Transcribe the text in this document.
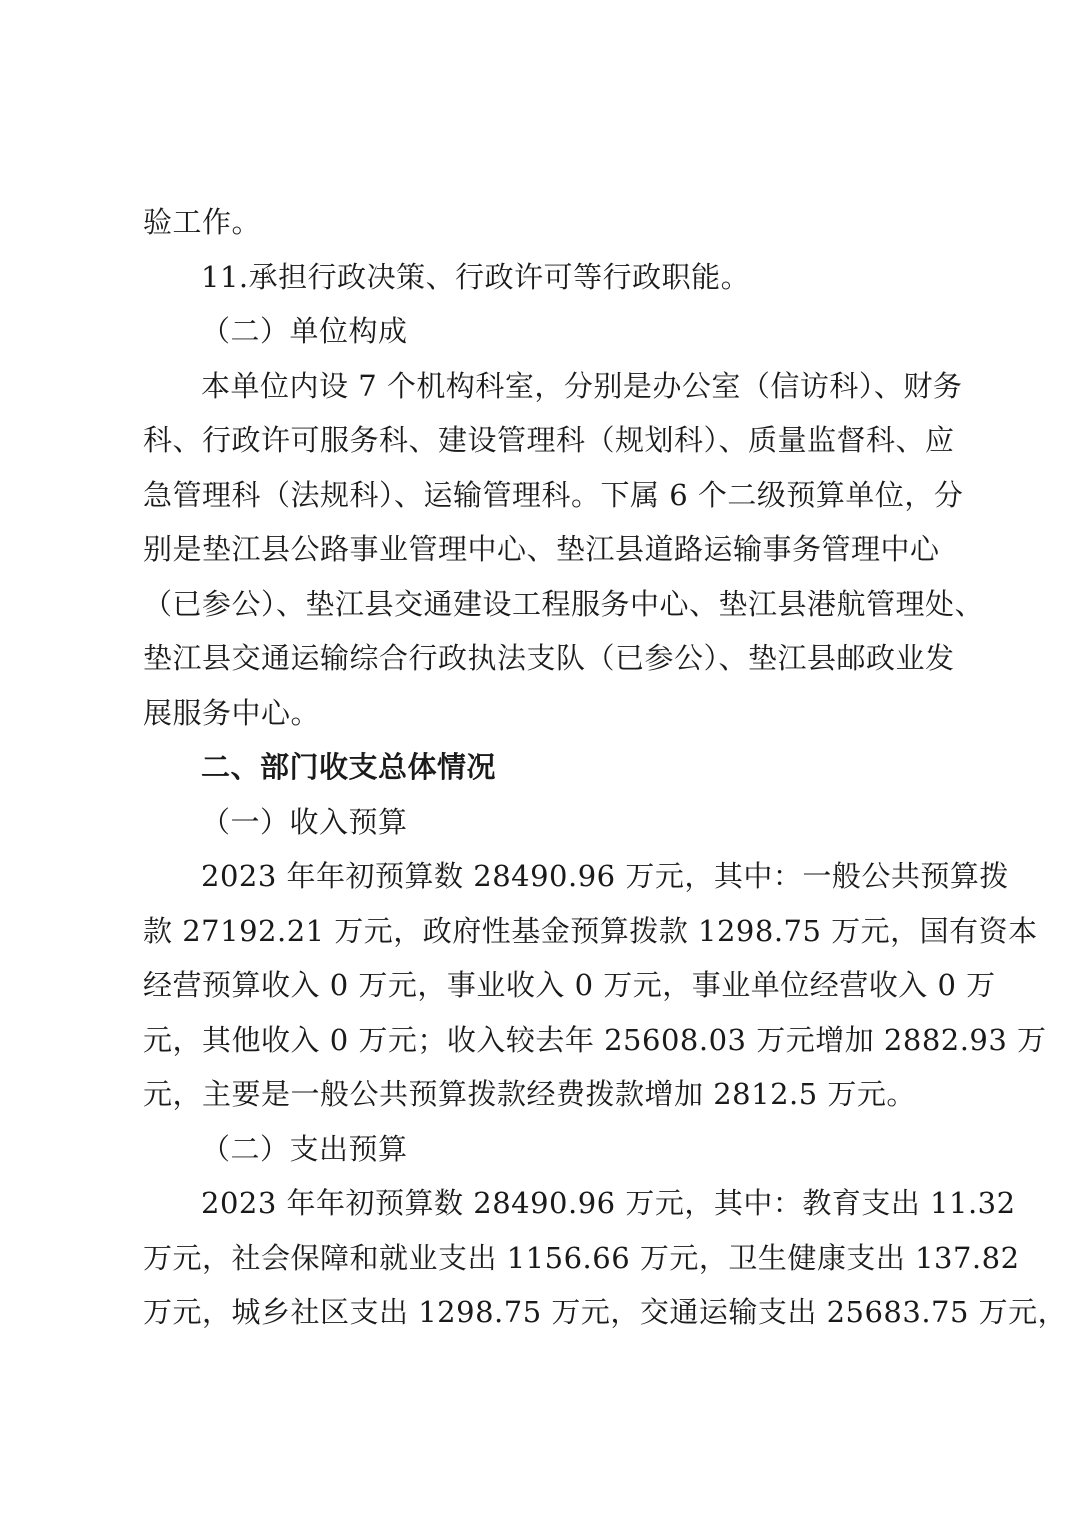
验工作。
11.承担行政决策、行政许可等行政职能。
（二）单位构成
本单位内设 7 个机构科室，分别是办公室（信访科）、财务
科、行政许可服务科、建设管理科（规划科）、质量监督科、应
急管理科（法规科）、运输管理科。下属 6 个二级预算单位，分
别是垫江县公路事业管理中心、垫江县道路运输事务管理中心
（已参公）、垫江县交通建设工程服务中心、垫江县港航管理处、
垫江县交通运输综合行政执法支队（已参公）、垫江县邮政业发
展服务中心。
二、部门收支总体情况
（一）收入预算
2023 年年初预算数 28490.96 万元，其中：一般公共预算拨
款 27192.21 万元，政府性基金预算拨款 1298.75 万元，国有资本
经营预算收入 0 万元，事业收入 0 万元，事业单位经营收入 0 万
元，其他收入 0 万元；收入较去年 25608.03 万元增加 2882.93 万
元，主要是一般公共预算拨款经费拨款增加 2812.5 万元。
（二）支出预算
2023 年年初预算数 28490.96 万元，其中：教育支出 11.32
万元，社会保障和就业支出 1156.66 万元，卫生健康支出 137.82
万元，城乡社区支出 1298.75 万元，交通运输支出 25683.75 万元，
